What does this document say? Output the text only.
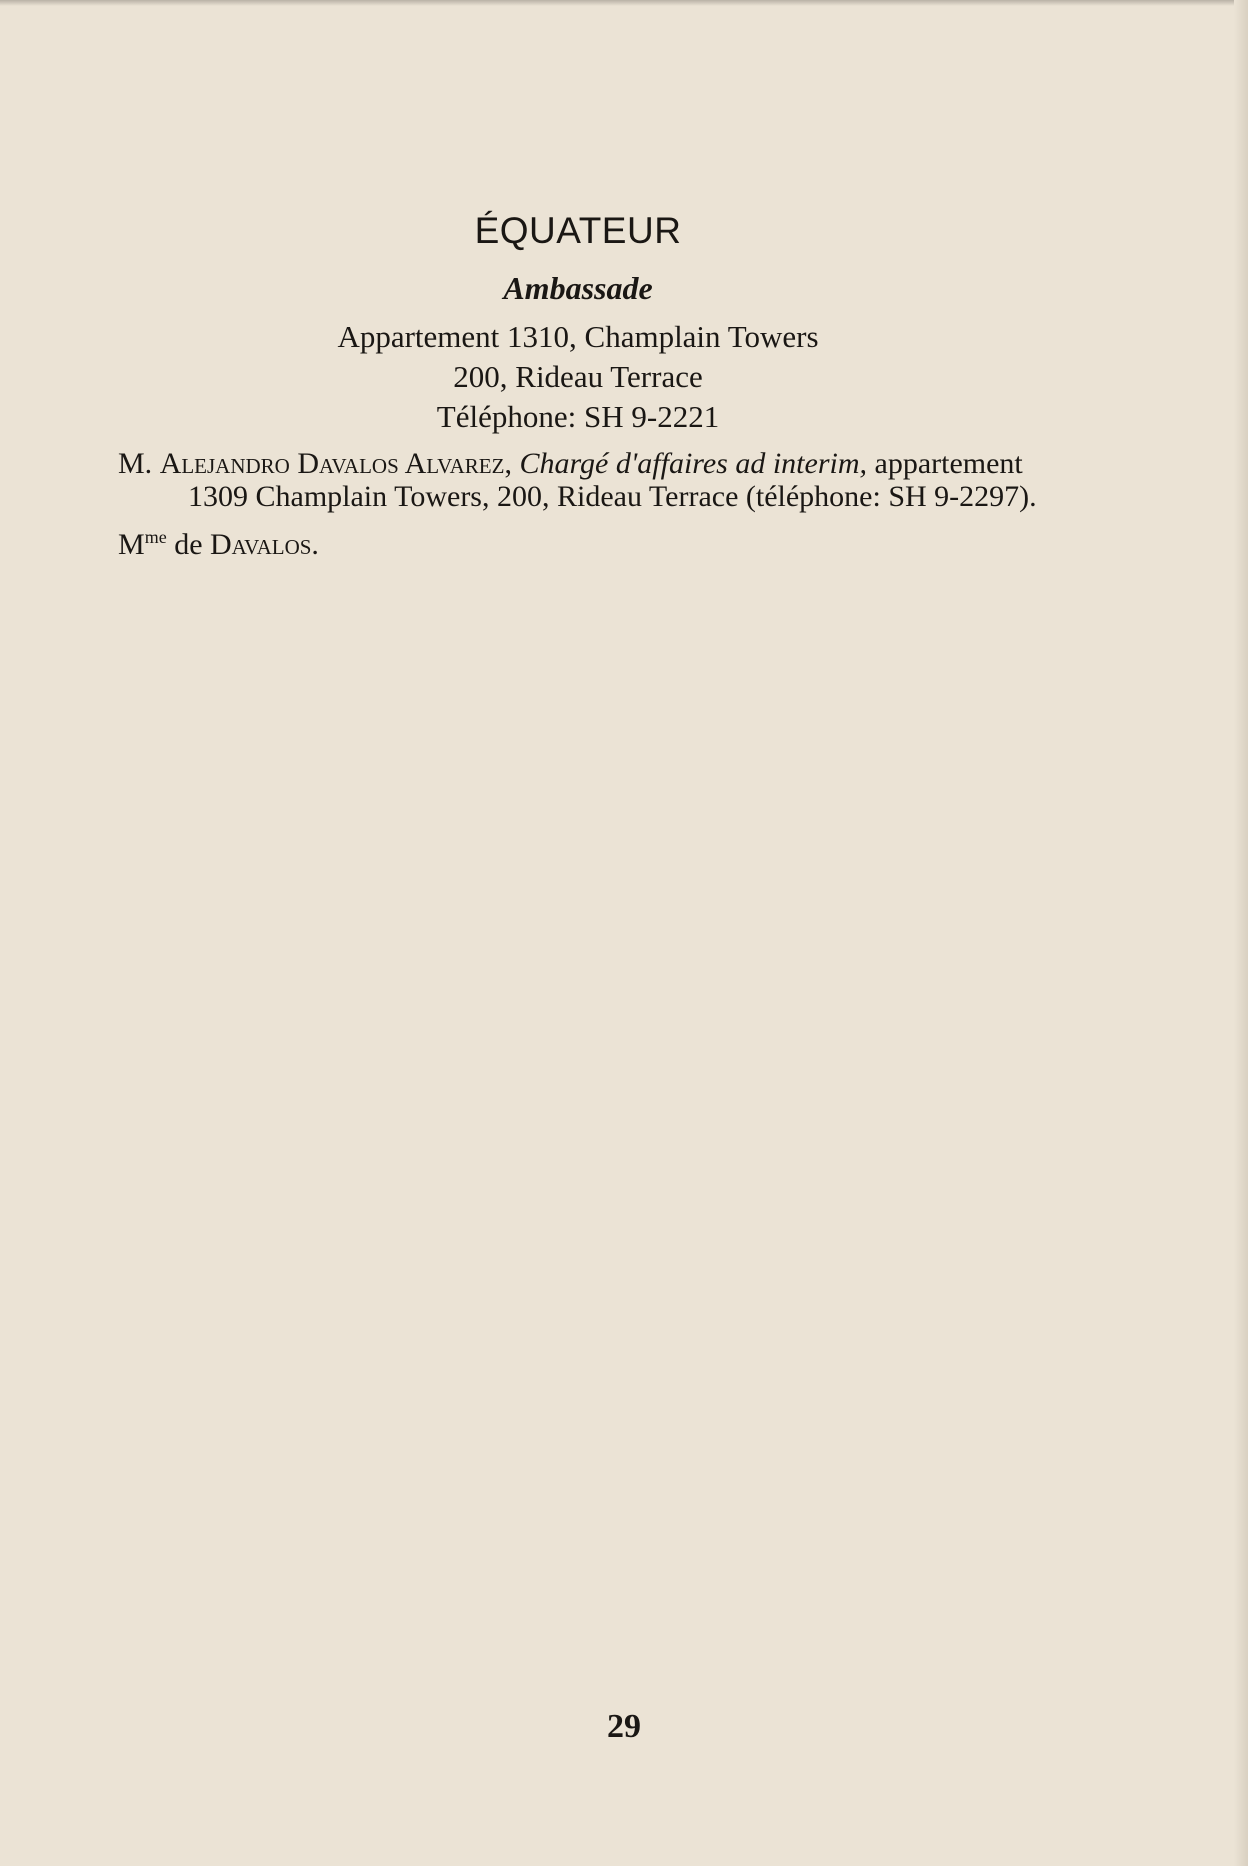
ÉQUATEUR
Ambassade
Appartement 1310, Champlain Towers
200, Rideau Terrace
Téléphone: SH 9-2221
M. Alejandro Davalos Alvarez, Chargé d'affaires ad interim, appartement 1309 Champlain Towers, 200, Rideau Terrace (téléphone: SH 9-2297).
$M^{me}$ de Davalos.
29
